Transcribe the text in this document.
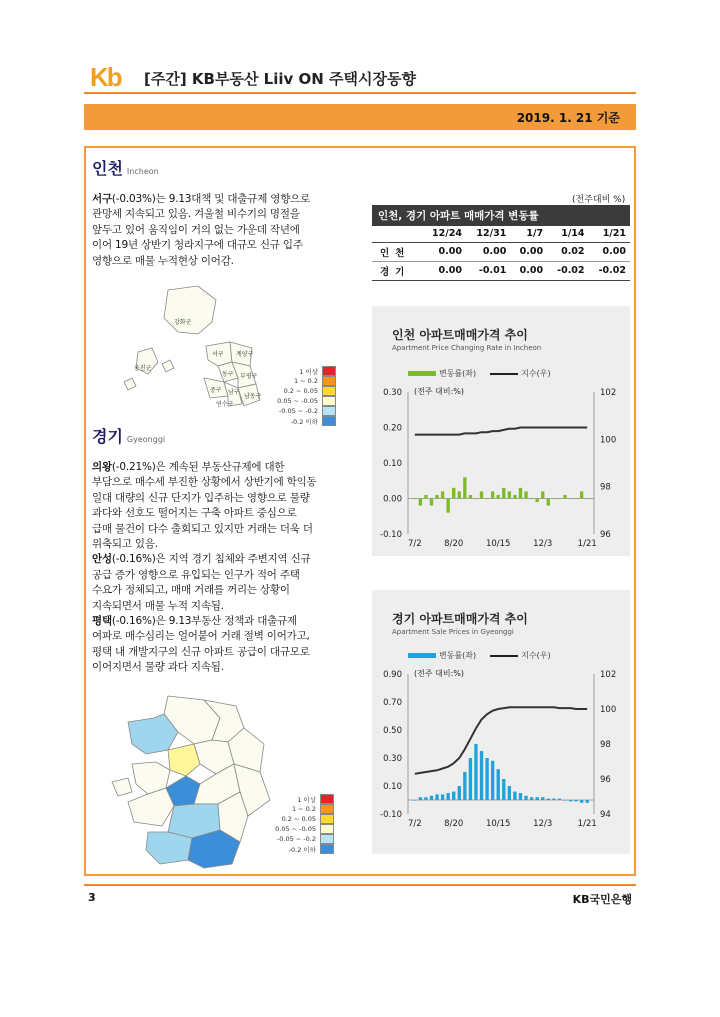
Kb [주간] KB부동산 Liiv ON 주택시장동향
2019. 1. 21 기준
인천 Incheon
서구(-0.03%)는 9.13대책 및 대출규제 영향으로
관망세 지속되고 있음. 겨울철 비수기의 명절을
앞두고 있어 움직임이 거의 없는 가운데 작년에
이어 19년 상반기 청라지구에 대규모 신규 입주
영향으로 매물 누적현상 이어감.
강화군
옹진군
서구 계양구
동구 부평구
중구 남구
남동구
연수구
1 이상
1 ~ 0.2
0.2 ~ 0.05
0.05 ~ -0.05
-0.05 ~ -0.2
-0.2 이하
(전주대비 %)
인천, 경기 아파트 매매가격 변동률					
	12/24	12/31	1/7	1/14	1/21
인천	0.00	0.00	0.00	0.02	0.00
경기	0.00	-0.01	0.00	-0.02	-0.02
인천 아파트매매가격 추이
Apartment Price Changing Rate in Incheon
변동률(좌)	지수(우)
0.30
0.20
0.10
0.00
-0.10
102
100
98
96
(전주 대비:%)
7/2	8/20	10/15	12/3	1/21
경기 Gyeonggi
의왕(-0.21%)은 계속된 부동산규제에 대한
부담으로 매수세 부진한 상황에서 상반기에 학익동
일대 대량의 신규 단지가 입주하는 영향으로 물량
과다와 선호도 떨어지는 구축 아파트 중심으로
급매 물건이 다수 출회되고 있지만 거래는 더욱 더
위축되고 있음.
안성(-0.16%)은 지역 경기 침체와 주변지역 신규
공급 증가 영향으로 유입되는 인구가 적어 주택
수요가 정체되고, 매매 거래를 꺼리는 상황이
지속되면서 매물 누적 지속됨.
평택(-0.16%)은 9.13부동산 정책과 대출규제
여파로 매수심리는 얼어붙어 거래 절벽 이어가고,
평택 내 개발지구의 신규 아파트 공급이 대규모로
이어지면서 물량 과다 지속됨.
1 이상
1 ~ 0.2
0.2 ~ 0.05
0.05 ~ -0.05
-0.05 ~ -0.2
-0.2 이하
경기 아파트매매가격 추이
Apartment Sale Prices in Gyeonggi
변동률(좌)	지수(우)
0.90
0.70
0.50
0.30
0.10
-0.10
102
100
98
96
94
(전주 대비:%)
7/2	8/20	10/15	12/3	1/21
3	KB국민은행
